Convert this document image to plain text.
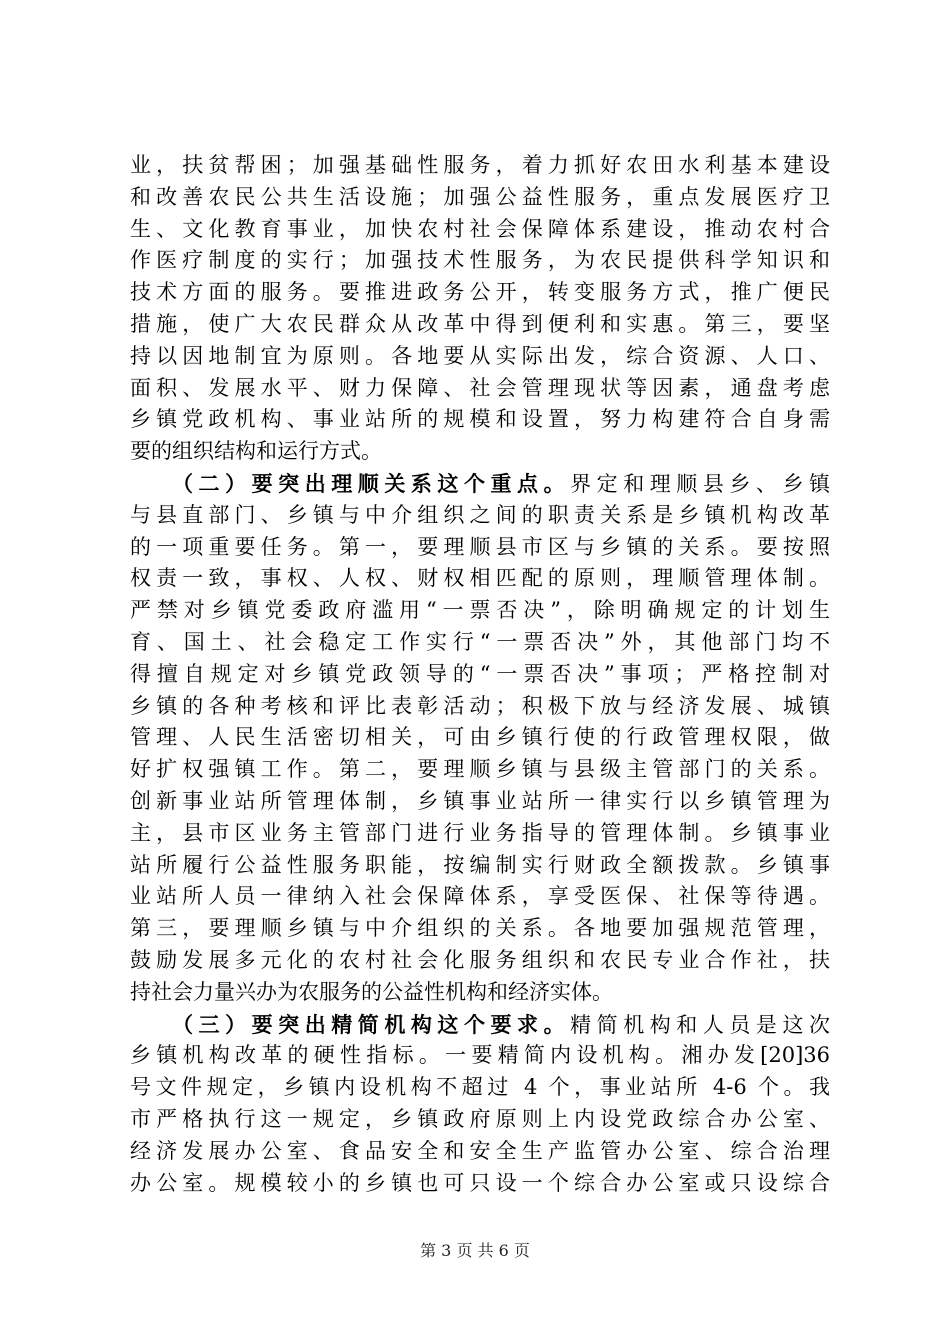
业，扶贫帮困；加强基础性服务，着力抓好农田水利基本建设
和改善农民公共生活设施；加强公益性服务，重点发展医疗卫
生、文化教育事业，加快农村社会保障体系建设，推动农村合
作医疗制度的实行；加强技术性服务，为农民提供科学知识和
技术方面的服务。要推进政务公开，转变服务方式，推广便民
措施，使广大农民群众从改革中得到便利和实惠。第三，要坚
持以因地制宜为原则。各地要从实际出发，综合资源、人口、
面积、发展水平、财力保障、社会管理现状等因素，通盘考虑
乡镇党政机构、事业站所的规模和设置，努力构建符合自身需
要的组织结构和运行方式。
（二）要突出理顺关系这个重点。界定和理顺县乡、乡镇
与县直部门、乡镇与中介组织之间的职责关系是乡镇机构改革
的一项重要任务。第一，要理顺县市区与乡镇的关系。要按照
权责一致，事权、人权、财权相匹配的原则，理顺管理体制。
严禁对乡镇党委政府滥用“一票否决”，除明确规定的计划生
育、国土、社会稳定工作实行“一票否决”外，其他部门均不
得擅自规定对乡镇党政领导的“一票否决”事项；严格控制对
乡镇的各种考核和评比表彰活动；积极下放与经济发展、城镇
管理、人民生活密切相关，可由乡镇行使的行政管理权限，做
好扩权强镇工作。第二，要理顺乡镇与县级主管部门的关系。
创新事业站所管理体制，乡镇事业站所一律实行以乡镇管理为
主，县市区业务主管部门进行业务指导的管理体制。乡镇事业
站所履行公益性服务职能，按编制实行财政全额拨款。乡镇事
业站所人员一律纳入社会保障体系，享受医保、社保等待遇。
第三，要理顺乡镇与中介组织的关系。各地要加强规范管理，
鼓励发展多元化的农村社会化服务组织和农民专业合作社，扶
持社会力量兴办为农服务的公益性机构和经济实体。
（三）要突出精简机构这个要求。精简机构和人员是这次
乡镇机构改革的硬性指标。一要精简内设机构。湘办发[20]36
号文件规定，乡镇内设机构不超过 4 个，事业站所 4-6 个。我
市严格执行这一规定，乡镇政府原则上内设党政综合办公室、
经济发展办公室、食品安全和安全生产监管办公室、综合治理
办公室。规模较小的乡镇也可只设一个综合办公室或只设综合
第 3 页 共 6 页
